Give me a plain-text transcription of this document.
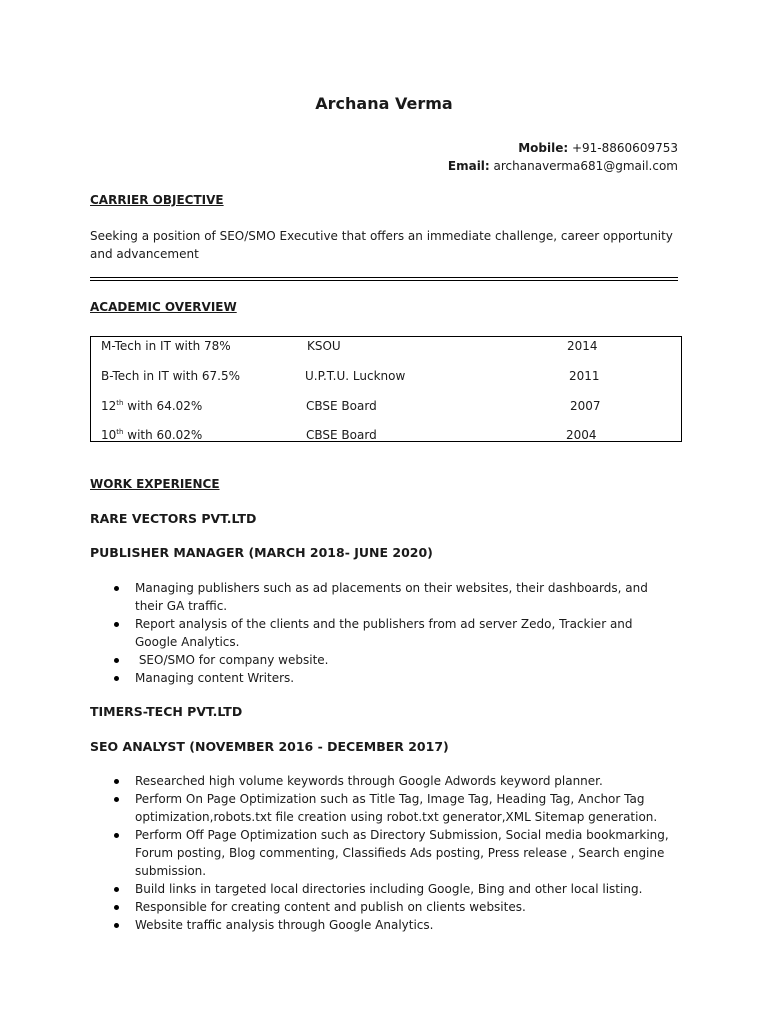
Archana Verma
Mobile: +91-8860609753
Email: archanaverma681@gmail.com
CARRIER OBJECTIVE
Seeking a position of SEO/SMO Executive that offers an immediate challenge, career opportunity and advancement
ACADEMIC OVERVIEW
M-Tech in IT with 78%	KSOU	2014
B-Tech in IT with 67.5%	U.P.T.U. Lucknow	2011
12th with 64.02%	CBSE Board	2007
10th with 60.02%	CBSE Board	2004
WORK EXPERIENCE
RARE VECTORS PVT.LTD
PUBLISHER MANAGER (MARCH 2018- JUNE 2020)
Managing publishers such as ad placements on their websites, their dashboards, and their GA traffic.
Report analysis of the clients and the publishers from ad server Zedo, Trackier and Google Analytics.
SEO/SMO for company website.
Managing content Writers.
TIMERS-TECH PVT.LTD
SEO ANALYST (NOVEMBER 2016 - DECEMBER 2017)
Researched high volume keywords through Google Adwords keyword planner.
Perform On Page Optimization such as Title Tag, Image Tag, Heading Tag, Anchor Tag optimization,robots.txt file creation using robot.txt generator,XML Sitemap generation.
Perform Off Page Optimization such as Directory Submission, Social media bookmarking, Forum posting, Blog commenting, Classifieds Ads posting, Press release , Search engine submission.
Build links in targeted local directories including Google, Bing and other local listing.
Responsible for creating content and publish on clients websites.
Website traffic analysis through Google Analytics.
